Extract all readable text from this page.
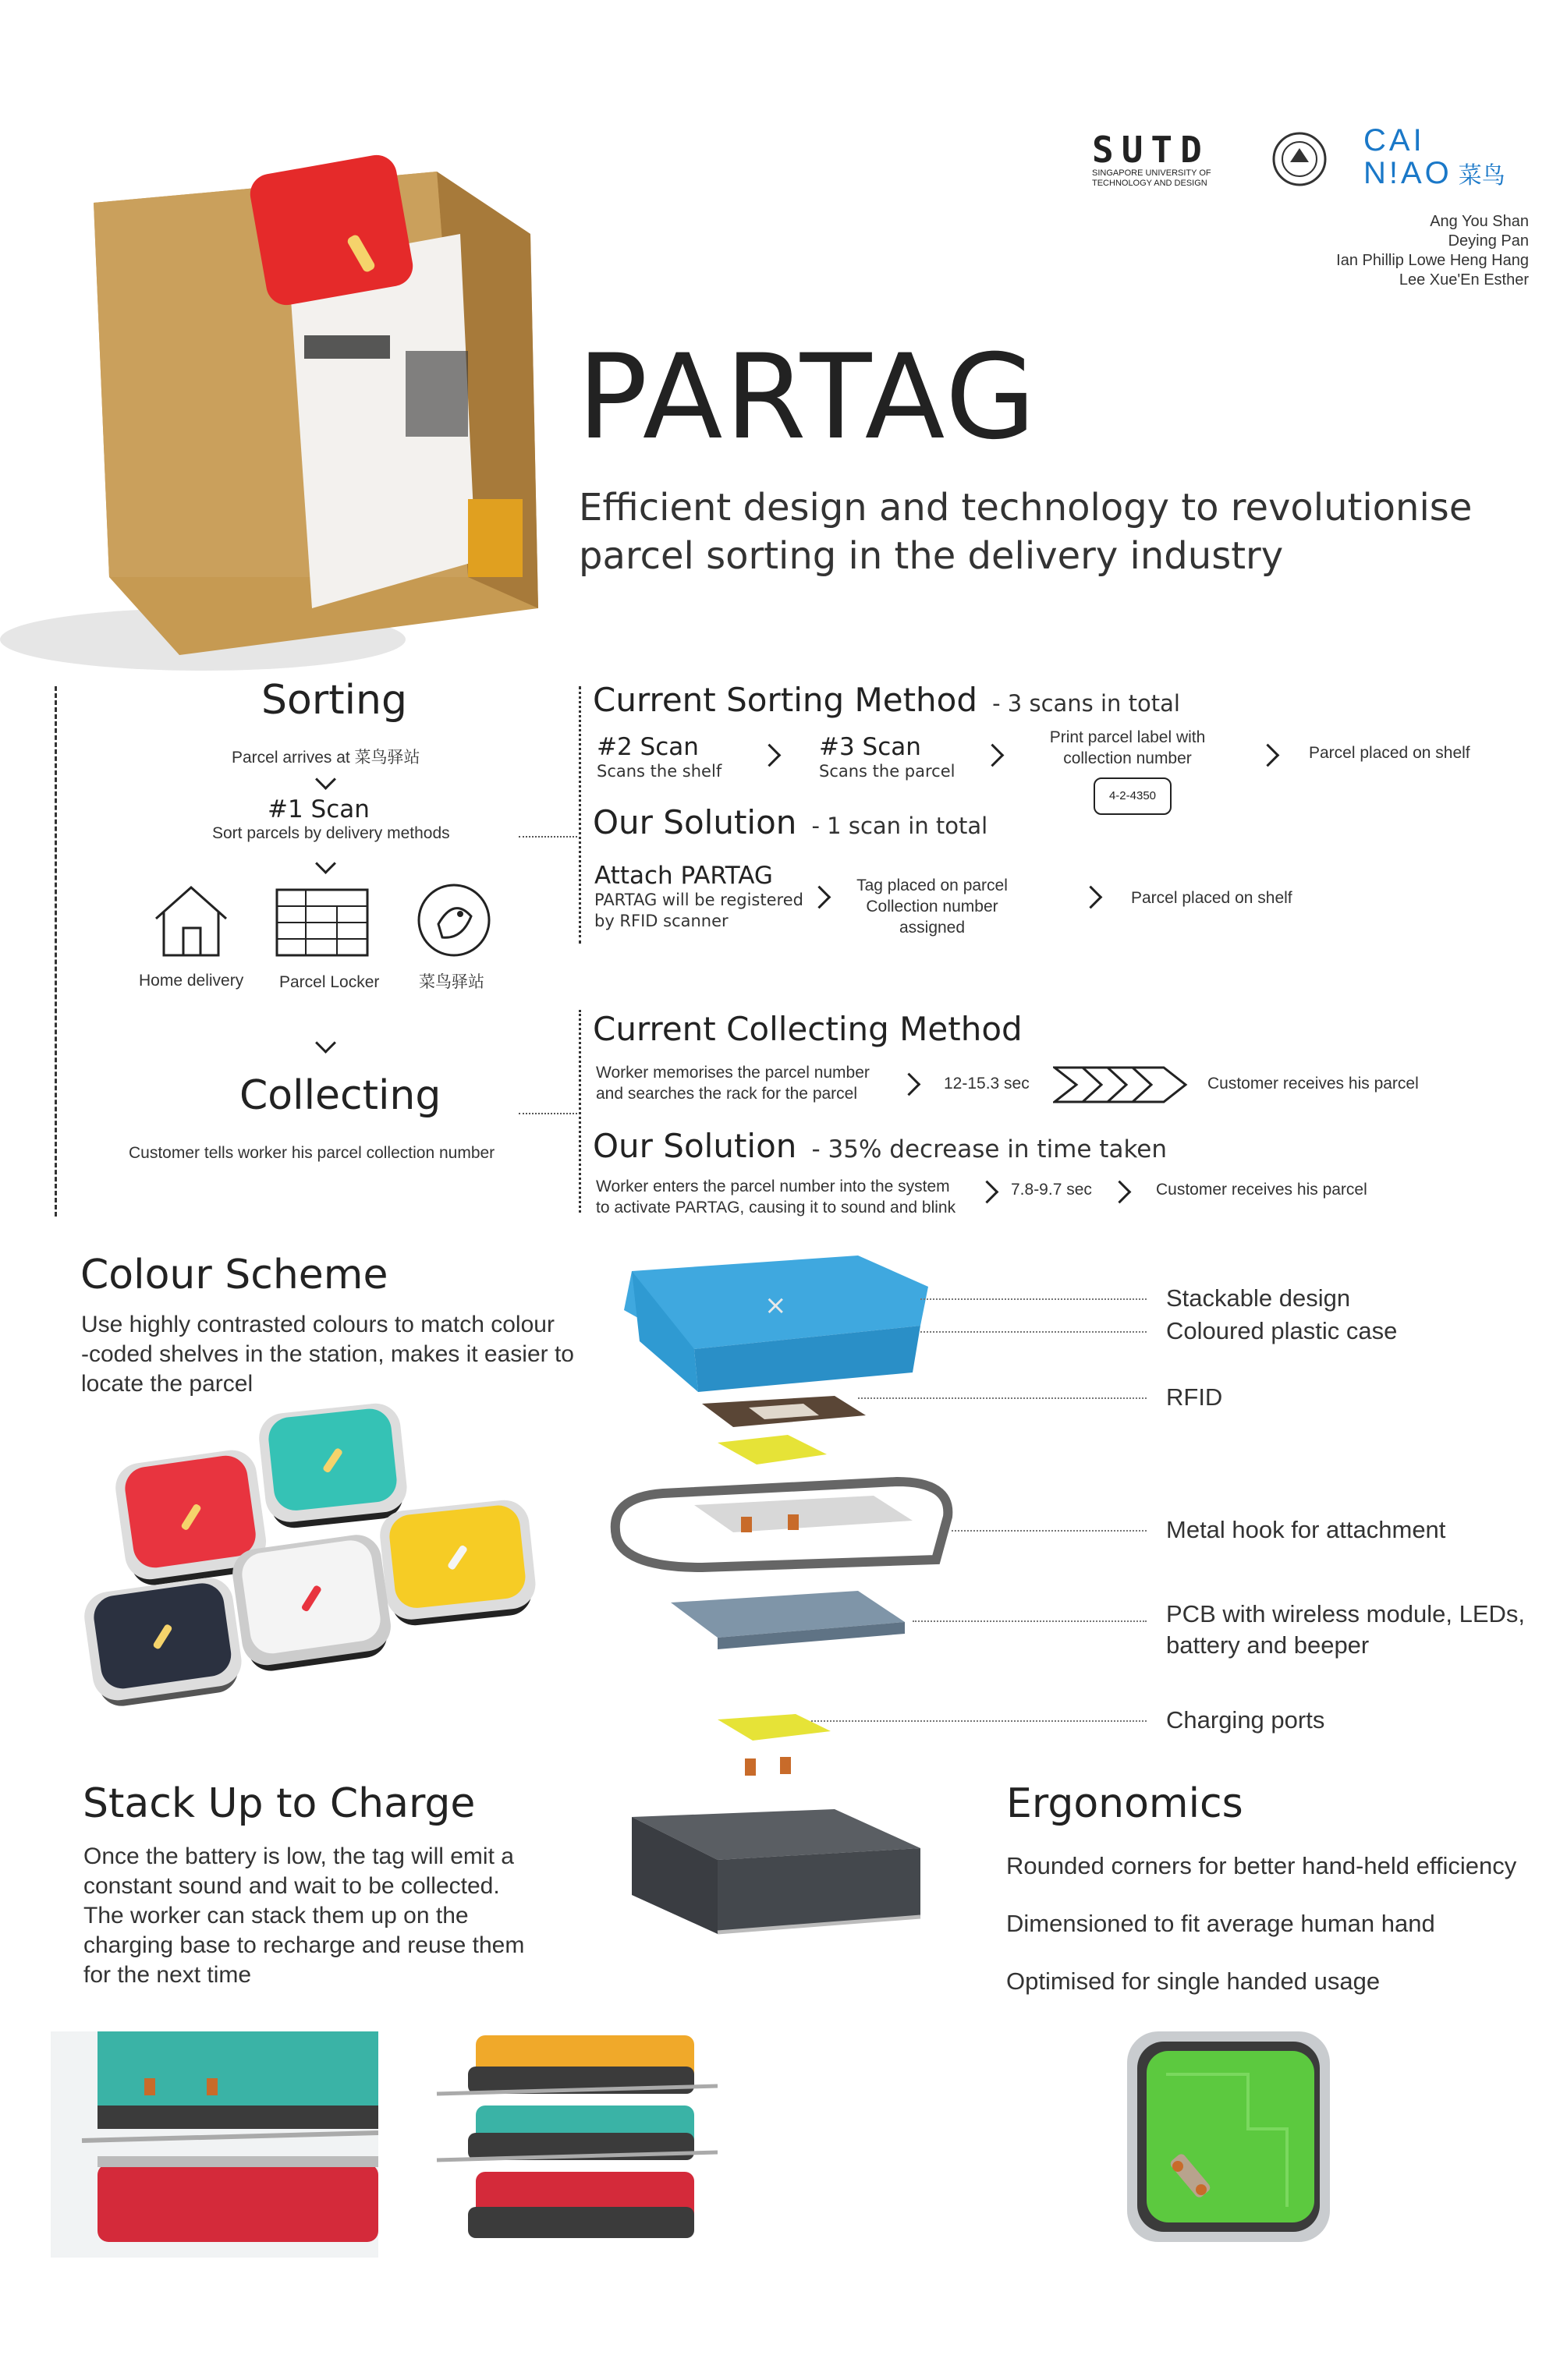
SUTD
SINGAPORE UNIVERSITY OF
TECHNOLOGY AND DESIGN
CAI
N!AO 菜鸟
Ang You Shan
Deying Pan
Ian Phillip Lowe Heng Hang
Lee Xue'En Esther
PARTAG
Efficient design and technology to revolutionise
parcel sorting in the delivery industry
Sorting
Parcel arrives at 菜鸟驿站
#1 Scan
Sort parcels by delivery methods
Home delivery Parcel Locker 菜鸟驿站
Collecting
Customer tells worker his parcel collection number
Current Sorting Method - 3 scans in total
#2 Scan
Scans the shelf
#3 Scan
Scans the parcel
Print parcel label with collection number
4-2-4350
Parcel placed on shelf
Our Solution - 1 scan in total
Attach PARTAG
PARTAG will be registered
by RFID scanner
Tag placed on parcel
Collection number assigned
Parcel placed on shelf
Current Collecting Method
Worker memorises the parcel number
and searches the rack for the parcel
12-15.3 sec	Customer receives his parcel
Our Solution - 35% decrease in time taken
Worker enters the parcel number into the system
to activate PARTAG, causing it to sound and blink
7.8-9.7 sec	Customer receives his parcel
Colour Scheme
Use highly contrasted colours to match colour
-coded shelves in the station, makes it easier to
locate the parcel
×	Stackable design
Coloured plastic case
RFID
Metal hook for attachment
PCB with wireless module, LEDs,
battery and beeper
Charging ports
Stack Up to Charge
Once the battery is low, the tag will emit a
constant sound and wait to be collected.
The worker can stack them up on the
charging base to recharge and reuse them
for the next time
Ergonomics
Rounded corners for better hand-held efficiency
Dimensioned to fit average human hand
Optimised for single handed usage
